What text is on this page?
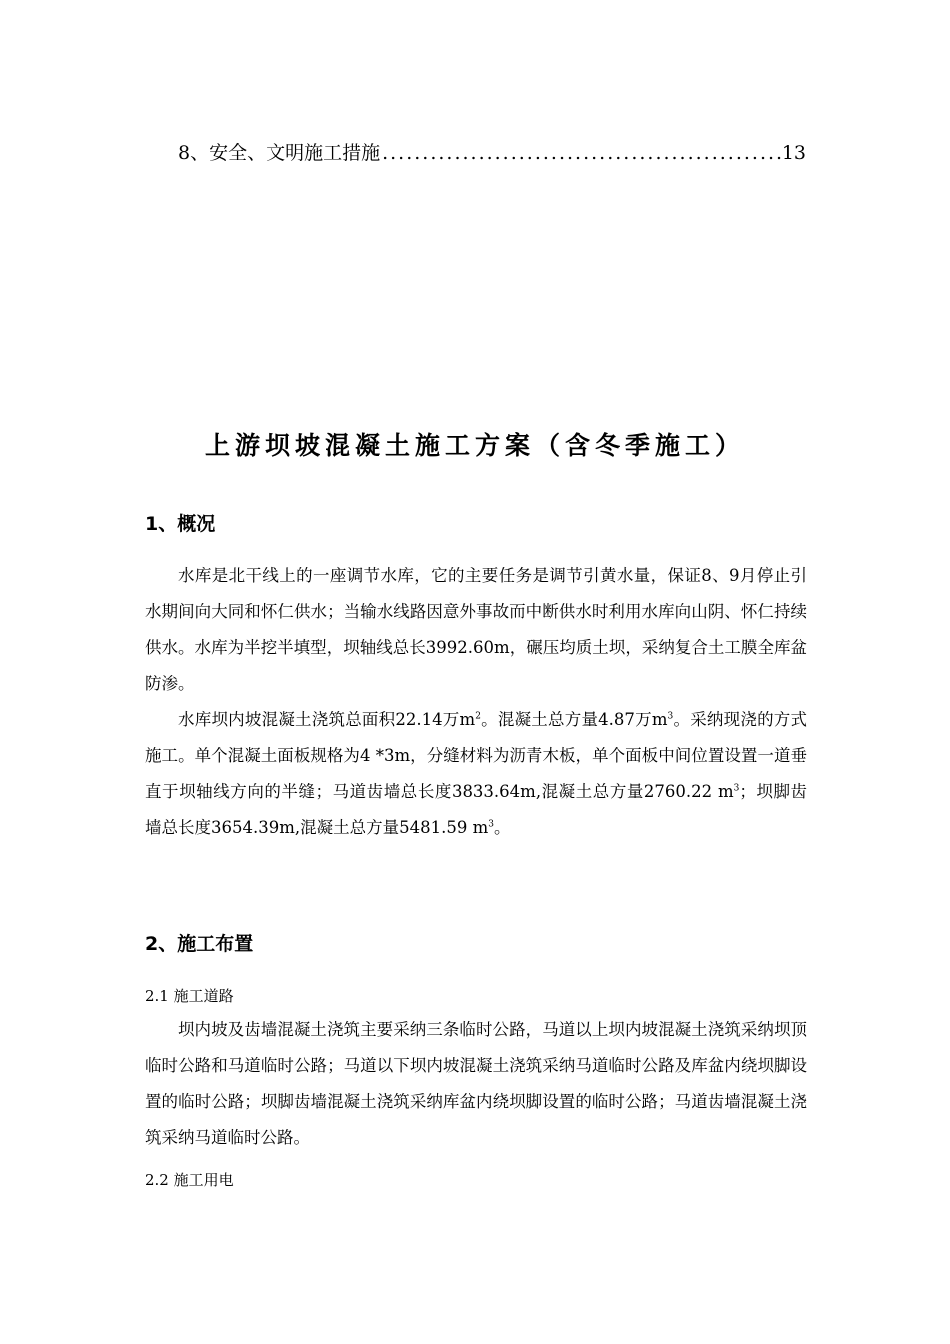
8、安全、文明施工措施
.....	13
上游坝坡混凝土施工方案（含冬季施工）
1、概况

水库是北干线上的一座调节水库，它的主要任务是调节引黄水量，保证8、9月停止引水期间向大同和怀仁供水；当输水线路因意外事故而中断供水时利用水库向山阴、怀仁持续供水。水库为半挖半填型，坝轴线总长3992.60m，碾压均质土坝，采纳复合土工膜全库盆防渗。

水库坝内坡混凝土浇筑总面积22.14万$m^2$。混凝土总方量4.87万$m^3$。采纳现浇的方式施工。单个混凝土面板规格为4 *3m，分缝材料为沥青木板，单个面板中间位置设置一道垂直于坝轴线方向的半缝；马道齿墙总长度3833.64m,混凝土总方量2760.22 $m^3$；坝脚齿墙总长度3654.39m,混凝土总方量5481.59 $m^3$。

2、施工布置
2.1 施工道路

坝内坡及齿墙混凝土浇筑主要采纳三条临时公路，马道以上坝内坡混凝土浇筑采纳坝顶临时公路和马道临时公路；马道以下坝内坡混凝土浇筑采纳马道临时公路及库盆内绕坝脚设置的临时公路；坝脚齿墙混凝土浇筑采纳库盆内绕坝脚设置的临时公路；马道齿墙混凝土浇筑采纳马道临时公路。

2.2 施工用电
